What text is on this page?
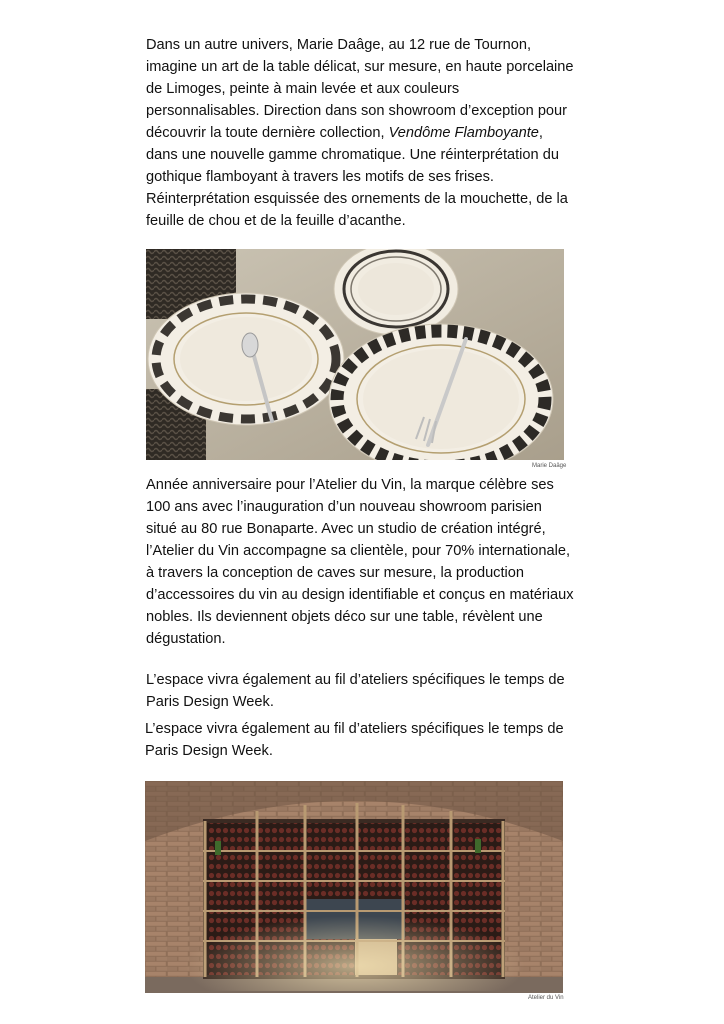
Dans un autre univers, Marie Daâge, au 12 rue de Tournon, imagine un art de la table délicat, sur mesure, en haute porcelaine de Limoges, peinte à main levée et aux couleurs personnalisables. Direction dans son showroom d’exception pour découvrir la toute dernière collection, Vendôme Flamboyante, dans une nouvelle gamme chromatique. Une réinterprétation du gothique flamboyant à travers les motifs de ses frises. Réinterprétation esquissée des ornements de la mouchette, de la feuille de chou et de la feuille d’acanthe.

Marie Daâge

Année anniversaire pour l’Atelier du Vin, la marque célèbre ses 100 ans avec l’inauguration d’un nouveau showroom parisien situé au 80 rue Bonaparte. Avec un studio de création intégré, l’Atelier du Vin accompagne sa clientèle, pour 70% internationale, à travers la conception de caves sur mesure, la production d’accessoires du vin au design identifiable et conçus en matériaux nobles. Ils deviennent objets déco sur une table, révèlent une dégustation.

L’espace vivra également au fil d’ateliers spécifiques le temps de Paris Design Week.

L’espace vivra également au fil d’ateliers spécifiques le temps de Paris Design Week.

Atelier du Vin
